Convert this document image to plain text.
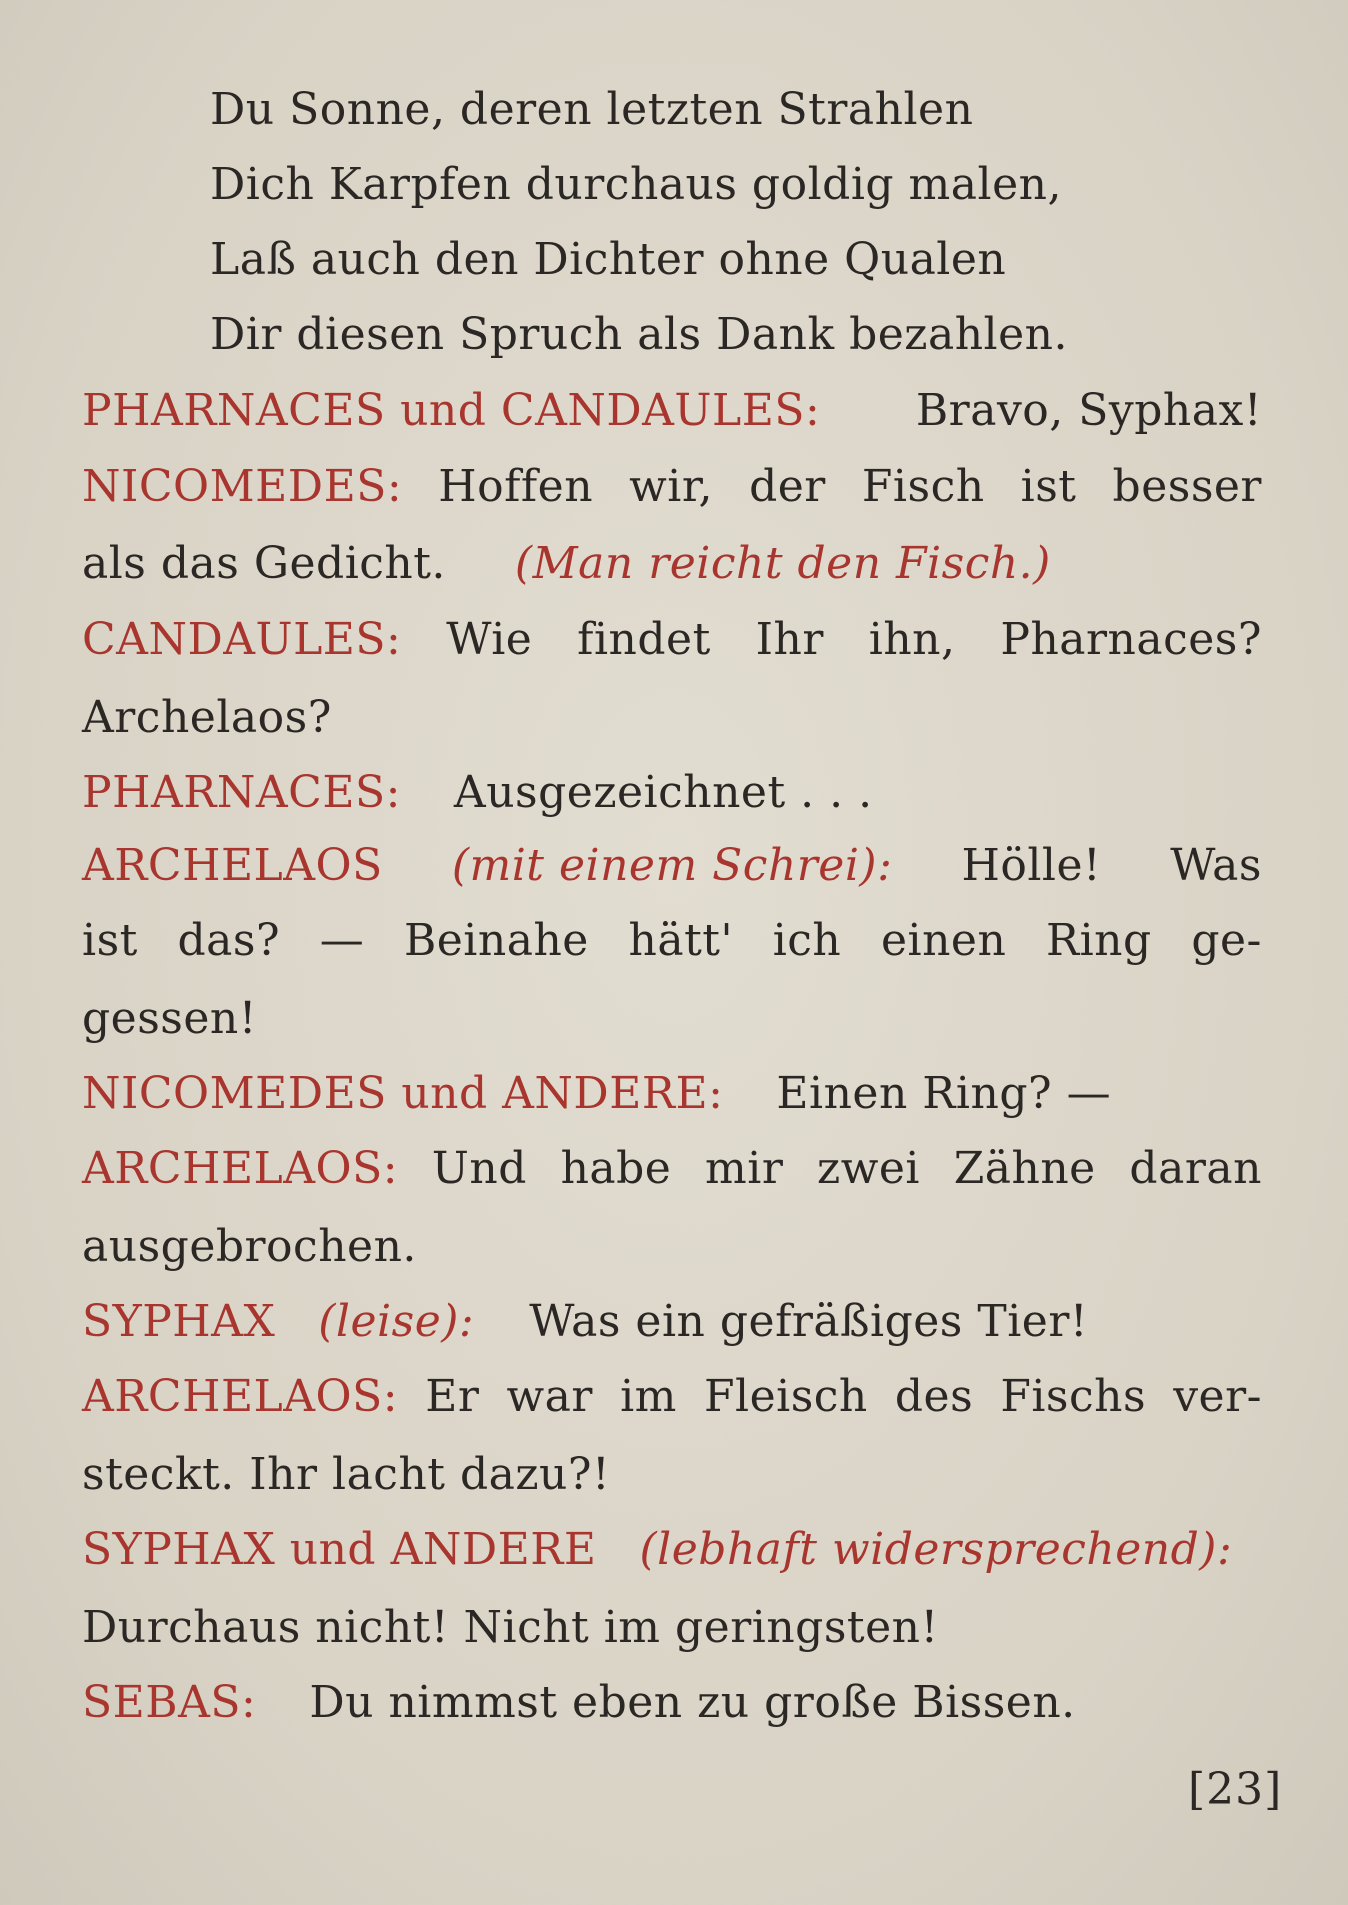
Du Sonne, deren letzten Strahlen
Dich Karpfen durchaus goldig malen,
Laß auch den Dichter ohne Qualen
Dir diesen Spruch als Dank bezahlen.
PHARNACES und CANDAULES: Bravo, Syphax!
NICOMEDES: Hoffen wir, der Fisch ist besser
als das Gedicht. (Man reicht den Fisch.)
CANDAULES: Wie findet Ihr ihn, Pharnaces?
Archelaos?
PHARNACES: Ausgezeichnet . . .
ARCHELAOS (mit einem Schrei): Hölle! Was
ist das? — Beinahe hätt' ich einen Ring ge-
gessen!
NICOMEDES und ANDERE: Einen Ring? —
ARCHELAOS: Und habe mir zwei Zähne daran
ausgebrochen.
SYPHAX (leise): Was ein gefräßiges Tier!
ARCHELAOS: Er war im Fleisch des Fischs ver-
steckt. Ihr lacht dazu?!
SYPHAX und ANDERE (lebhaft widersprechend):
Durchaus nicht! Nicht im geringsten!
SEBAS: Du nimmst eben zu große Bissen.
[23]
